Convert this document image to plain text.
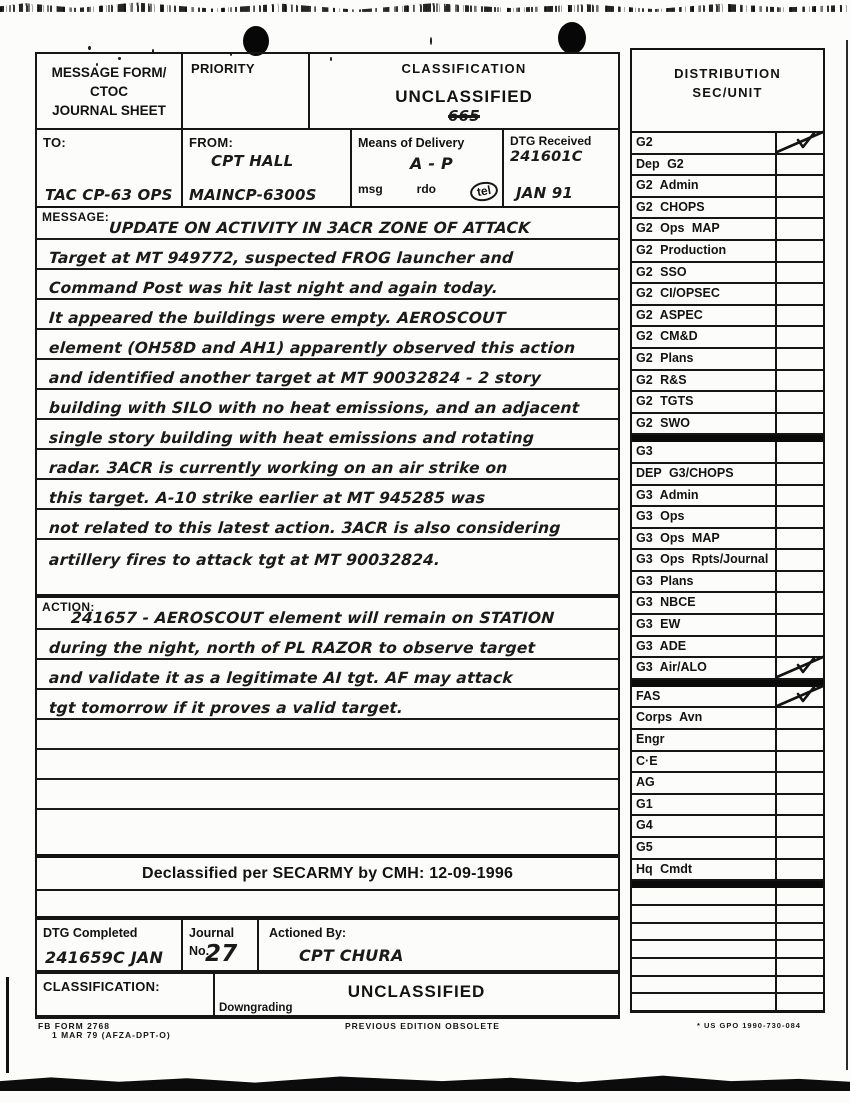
MESSAGE FORM/
CTOC
JOURNAL SHEET
PRIORITY	CLASSIFICATION
UNCLASSIFIED
665
TO:
TAC CP-63 OPS
FROM:
CPT HALL
MAINCP-6300S
Means of Delivery
A - P
msg	rdo	tel
DTG Received
241601C
JAN 91
MESSAGE:
UPDATE ON ACTIVITY IN 3ACR ZONE OF ATTACK
Target at MT 949772, suspected FROG launcher and
Command Post was hit last night and again today.
It appeared the buildings were empty. AEROSCOUT
element (OH58D and AH1) apparently observed this action
and identified another target at MT 90032824 - 2 story
building with SILO with no heat emissions, and an adjacent
single story building with heat emissions and rotating
radar. 3ACR is currently working on an air strike on
this target. A-10 strike earlier at MT 945285 was
not related to this latest action. 3ACR is also considering
artillery fires to attack tgt at MT 90032824.
ACTION:
241657 - AEROSCOUT element will remain on STATION
during the night, north of PL RAZOR to observe target
and validate it as a legitimate AI tgt. AF may attack
tgt tomorrow if it proves a valid target.
Declassified per SECARMY by CMH: 12-09-1996
DTG Completed
241659C JAN
Journal No.
27
Actioned By:
CPT CHURA
CLASSIFICATION:	UNCLASSIFIED
Downgrading
FB FORM 2768
1 MAR 79 (AFZA-DPT-O)
PREVIOUS EDITION OBSOLETE	* US GPO 1990-730-084
DISTRIBUTION
SEC/UNIT
G2
Dep G2
G2 Admin
G2 CHOPS
G2 Ops MAP
G2 Production
G2 SSO
G2 CI/OPSEC
G2 ASPEC
G2 CM&D
G2 Plans
G2 R&S
G2 TGTS
G2 SWO
G3
DEP G3/CHOPS
G3 Admin
G3 Ops
G3 Ops MAP
G3 Ops Rpts/Journal
G3 Plans
G3 NBCE
G3 EW
G3 ADE
G3 Air/ALO
FAS
Corps Avn
Engr
C·E
AG
G1
G4
G5
Hq Cmdt
